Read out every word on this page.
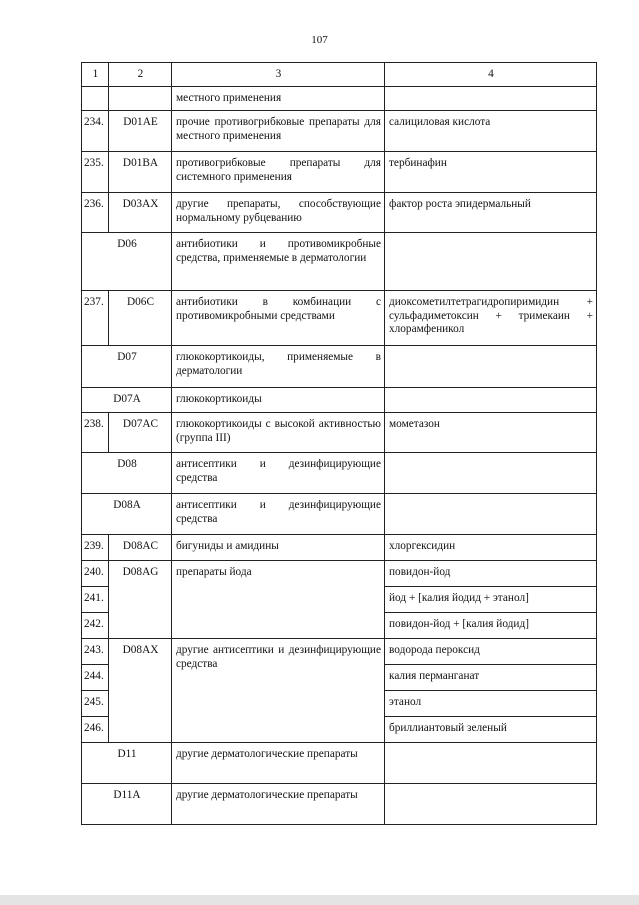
107
1	2	3	4
		местного применения	
234.	D01AE	прочие противогрибковые препараты для местного применения	салициловая кислота
235.	D01BA	противогрибковые препараты для системного применения	тербинафин
236.	D03AX	другие препараты, способствующие нормальному рубцеванию	фактор роста эпидермальный
D06		антибиотики и противомикробные средства, применяемые в дерматологии	
237.	D06C	антибиотики в комбинации с противомикробными средствами	диоксометилтетрагидропиримидин + сульфадиметоксин + тримекаин + хлорамфеникол
D07		глюкокортикоиды, применяемые в дерматологии	
D07A		глюкокортикоиды	
238.	D07AC	глюкокортикоиды с высокой активностью (группа III)	мометазон
D08		антисептики и дезинфицирующие средства	
D08A		антисептики и дезинфицирующие средства	
239.	D08AC	бигуниды и амидины	хлоргексидин
240.	D08AG	препараты йода	повидон-йод
241.			йод + [калия йодид + этанол]
242.			повидон-йод + [калия йодид]
243.	D08AX	другие антисептики и дезинфицирующие средства	водорода пероксид
244.			калия перманганат
245.			этанол
246.			бриллиантовый зеленый
D11		другие дерматологические препараты	
D11A		другие дерматологические препараты	
